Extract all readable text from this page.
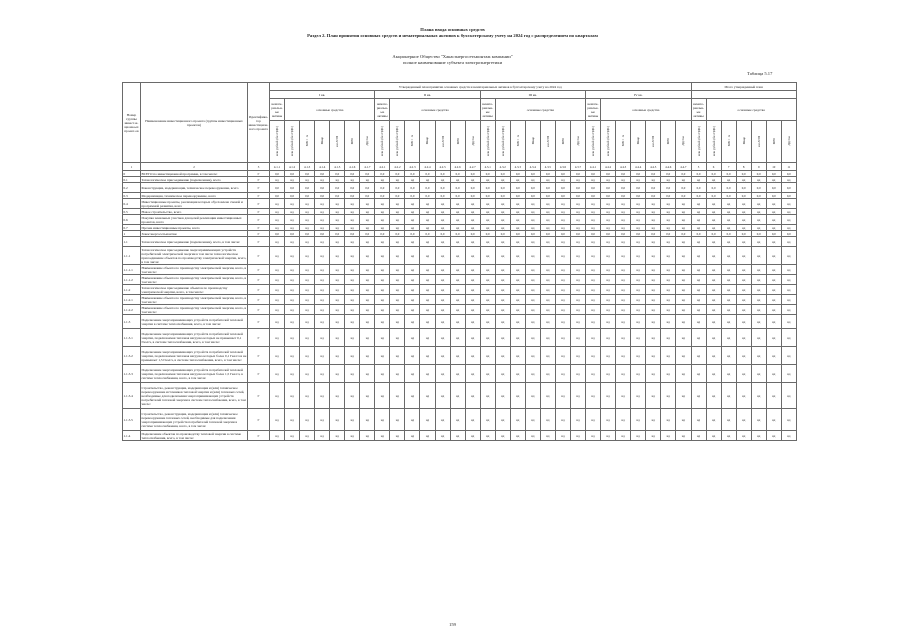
Плана ввода основных средств
Раздел 2. План принятия основных средств и нематериальных активов к бухгалтерскому учету на 2024 год с распределением по кварталам
Акционерное Общество "Хакасэнергосетьмонтаж компании"
полное наименование субъекта электроэнергетики
Таблица 5.17
Номер группы инвест-и-ционн-ых проект-ов	Наименование инвестиционного проекта (группы инвестиционных проектов)	Идентифика-тор инвестицион-ного проекта	Утвержденный план принятия основных средств и нематериальных активов к бухгалтерскому учету на 2024 год																												Итого утвержденный план						
			I кв.							II кв.							III кв.							IV кв.													
			немате-риальн-ые активы	основные средства						немате-риальн-ые активы	основные средства						немате-риальн-ые активы	основные средства						немате-риальн-ые активы	основные средства						немате-риальн-ые активы	основные средства					
			млн рублей (без НДС)	млн рублей (без НДС)	МВ×А	Мвар	км ЛЭП	МВт	Другое	млн рублей (без НДС)	млн рублей (без НДС)	МВ×А	Мвар	км ЛЭП	МВт	Другое	млн рублей (без НДС)	млн рублей (без НДС)	МВ×А	Мвар	км ЛЭП	МВт	Другое	млн рублей (без НДС)	млн рублей (без НДС)	МВ×А	Мвар	км ЛЭП	МВт	Другое	млн рублей (без НДС)	млн рублей (без НДС)	МВ×А	Мвар	км ЛЭП	МВт	Другое
1	2	3	4.1.1	4.1.2	4.1.3	4.1.4	4.1.5	4.1.6	4.1.7	4.2.1	4.2.2	4.2.3	4.2.4	4.2.5	4.2.6	4.2.7	4.3.1	4.3.2	4.3.3	4.3.4	4.3.5	4.3.6	4.3.7	4.4.1	4.4.2	4.4.3	4.4.4	4.4.5	4.4.6	4.4.7	5	6	7	8	9	10	11
0	ВСЕГО по инвестиционной программе, в том числе:	Г	0,0	0,0	0,0	0,0	0,0	0,0	0,0	0,0	0,0	0,0	0,0	0,0	0,0	0,0	0,0	0,0	0,0	0,0	0,0	0,0	0,0	0,0	0,0	0,0	0,0	0,0	0,0	0,0	0,0	0,0	0,0	0,0	0,0	0,0	0,0
0.1	Технологическое присоединение (подключение), всего	Г	нд	нд	нд	нд	нд	нд	нд	нд	нд	нд	нд	нд	нд	нд	нд	нд	нд	нд	нд	нд	нд	нд	нд	нд	нд	нд	нд	нд	нд	нд	нд	нд	нд	нд	нд
0.2	Реконструкция, модернизация, техническое перевооружение, всего	Г	0,0	0,0	0,0	0,0	0,0	0,0	0,0	0,0	0,0	0,0	0,0	0,0	0,0	0,0	0,0	0,0	0,0	0,0	0,0	0,0	0,0	0,0	0,0	0,0	0,0	0,0	0,0	0,0	0,0	0,0	0,0	0,0	0,0	0,0	0,0
0.3	Модернизация, техническое перевооружение, всего	Г	0,0	0,0	0,0	0,0	0,0	0,0	0,0	0,0	0,0	0,0	0,0	0,0	0,0	0,0	0,0	0,0	0,0	0,0	0,0	0,0	0,0	0,0	0,0	0,0	0,0	0,0	0,0	0,0	0,0	0,0	0,0	0,0	0,0	0,0	0,0
0.4	Инвестиционные проекты, реализация которых обусловлена схемой и программой развития, всего	Г	нд	нд	нд	нд	нд	нд	нд	нд	нд	нд	нд	нд	нд	нд	нд	нд	нд	нд	нд	нд	нд	нд	нд	нд	нд	нд	нд	нд	нд	нд	нд	нд	нд	нд	нд
0.5	Новое строительство, всего	Г	нд	нд	нд	нд	нд	нд	нд	нд	нд	нд	нд	нд	нд	нд	нд	нд	нд	нд	нд	нд	нд	нд	нд	нд	нд	нд	нд	нд	нд	нд	нд	нд	нд	нд	нд
0.6	Покупка земельных участков для целей реализации инвестиционных проектов, всего	Г	нд	нд	нд	нд	нд	нд	нд	нд	нд	нд	нд	нд	нд	нд	нд	нд	нд	нд	нд	нд	нд	нд	нд	нд	нд	нд	нд	нд	нд	нд	нд	нд	нд	нд	нд
0.7	Прочие инвестиционные проекты, всего	Г	нд	нд	нд	нд	нд	нд	нд	нд	нд	нд	нд	нд	нд	нд	нд	нд	нд	нд	нд	нд	нд	нд	нд	нд	нд	нд	нд	нд	нд	нд	нд	нд	нд	нд	нд
1	Хакасэнергосетьмонтаж	Г	0,0	0,0	0,0	0,0	0,0	0,0	0,0	0,0	0,0	0,0	0,0	0,0	0,0	0,0	0,0	0,0	0,0	0,0	0,0	0,0	0,0	0,0	0,0	0,0	0,0	0,0	0,0	0,0	0,0	0,0	0,0	0,0	0,0	0,0	0,0
1.1	Технологическое присоединение (подключение), всего, в том числе:	Г	нд	нд	нд	нд	нд	нд	нд	нд	нд	нд	нд	нд	нд	нд	нд	нд	нд	нд	нд	нд	нд	нд	нд	нд	нд	нд	нд	нд	нд	нд	нд	нд	нд	нд	нд
1.1.1	Технологическое присоединение энергопринимающих устройств потребителей электрической энергии в том числе технологическое присоединение объектов по производству электрической энергии, всего, в том числе:	Г	нд	нд	нд	нд	нд	нд	нд	нд	нд	нд	нд	нд	нд	нд	нд	нд	нд	нд	нд	нд	нд	нд	нд	нд	нд	нд	нд	нд	нд	нд	нд	нд	нд	нд	нд
1.1.1.1	Наименование объекта по производству электрической энергии, всего, в том числе:	Г	нд	нд	нд	нд	нд	нд	нд	нд	нд	нд	нд	нд	нд	нд	нд	нд	нд	нд	нд	нд	нд	нд	нд	нд	нд	нд	нд	нд	нд	нд	нд	нд	нд	нд	нд
1.1.1.2	Наименование объекта по производству электрической энергии, всего, в том числе:	Г	нд	нд	нд	нд	нд	нд	нд	нд	нд	нд	нд	нд	нд	нд	нд	нд	нд	нд	нд	нд	нд	нд	нд	нд	нд	нд	нд	нд	нд	нд	нд	нд	нд	нд	нд
1.1.2	Технологическое присоединение объектов по производству электрической энергии, всего, в том числе:	Г	нд	нд	нд	нд	нд	нд	нд	нд	нд	нд	нд	нд	нд	нд	нд	нд	нд	нд	нд	нд	нд	нд	нд	нд	нд	нд	нд	нд	нд	нд	нд	нд	нд	нд	нд
1.1.2.1	Наименование объекта по производству электрической энергии, всего, в том числе:	Г	нд	нд	нд	нд	нд	нд	нд	нд	нд	нд	нд	нд	нд	нд	нд	нд	нд	нд	нд	нд	нд	нд	нд	нд	нд	нд	нд	нд	нд	нд	нд	нд	нд	нд	нд
1.1.2.2	Наименование объекта по производству электрической энергии, всего, в том числе:	Г	нд	нд	нд	нд	нд	нд	нд	нд	нд	нд	нд	нд	нд	нд	нд	нд	нд	нд	нд	нд	нд	нд	нд	нд	нд	нд	нд	нд	нд	нд	нд	нд	нд	нд	нд
1.1.3	Подключение энергопринимающих устройств потребителей тепловой энергии в системе теплоснабжения, всего, в том числе:	Г	нд	нд	нд	нд	нд	нд	нд	нд	нд	нд	нд	нд	нд	нд	нд	нд	нд	нд	нд	нд	нд	нд	нд	нд	нд	нд	нд	нд	нд	нд	нд	нд	нд	нд	нд
1.1.3.1	Подключение энергопринимающих устройств потребителей тепловой энергии, подключаемая тепловая нагрузка которых не превышает 0,1 Гкал/ч, в системе теплоснабжения, всего, в том числе:	Г	нд	нд	нд	нд	нд	нд	нд	нд	нд	нд	нд	нд	нд	нд	нд	нд	нд	нд	нд	нд	нд	нд	нд	нд	нд	нд	нд	нд	нд	нд	нд	нд	нд	нд	нд
1.1.3.2	Подключение энергопринимающих устройств потребителей тепловой энергии, подключаемая тепловая нагрузка которых более 0,1 Гкал/ч и не превышает 1,5 Гкал/ч, в системе теплоснабжения, всего, в том числе:	Г	нд	нд	нд	нд	нд	нд	нд	нд	нд	нд	нд	нд	нд	нд	нд	нд	нд	нд	нд	нд	нд	нд	нд	нд	нд	нд	нд	нд	нд	нд	нд	нд	нд	нд	нд
1.1.3.3	Подключение энергопринимающих устройств потребителей тепловой энергии, подключаемая тепловая нагрузка которых более 1,5 Гкал/ч, в системе теплоснабжения, всего, в том числе:	Г	нд	нд	нд	нд	нд	нд	нд	нд	нд	нд	нд	нд	нд	нд	нд	нд	нд	нд	нд	нд	нд	нд	нд	нд	нд	нд	нд	нд	нд	нд	нд	нд	нд	нд	нд
1.1.3.4	Строительство, реконструкция, модернизация и (или) техническое перевооружение источников тепловой энергии и (или) тепловых сетей, необходимые для подключения энергопринимающих устройств потребителей тепловой энергии в системе теплоснабжения, всего, в том числе:	Г	нд	нд	нд	нд	нд	нд	нд	нд	нд	нд	нд	нд	нд	нд	нд	нд	нд	нд	нд	нд	нд	нд	нд	нд	нд	нд	нд	нд	нд	нд	нд	нд	нд	нд	нд
1.1.3.5	Строительство, реконструкция, модернизация и (или) техническое перевооружение тепловых сетей, необходимые для подключения энергопринимающих устройств потребителей тепловой энергии в системе теплоснабжения, всего, в том числе:	Г	нд	нд	нд	нд	нд	нд	нд	нд	нд	нд	нд	нд	нд	нд	нд	нд	нд	нд	нд	нд	нд	нд	нд	нд	нд	нд	нд	нд	нд	нд	нд	нд	нд	нд	нд
1.1.4	Подключение объектов по производству тепловой энергии в системе теплоснабжения, всего, в том числе:	Г	нд	нд	нд	нд	нд	нд	нд	нд	нд	нд	нд	нд	нд	нд	нд	нд	нд	нд	нд	нд	нд	нд	нд	нд	нд	нд	нд	нд	нд	нд	нд	нд	нд	нд	нд
159
